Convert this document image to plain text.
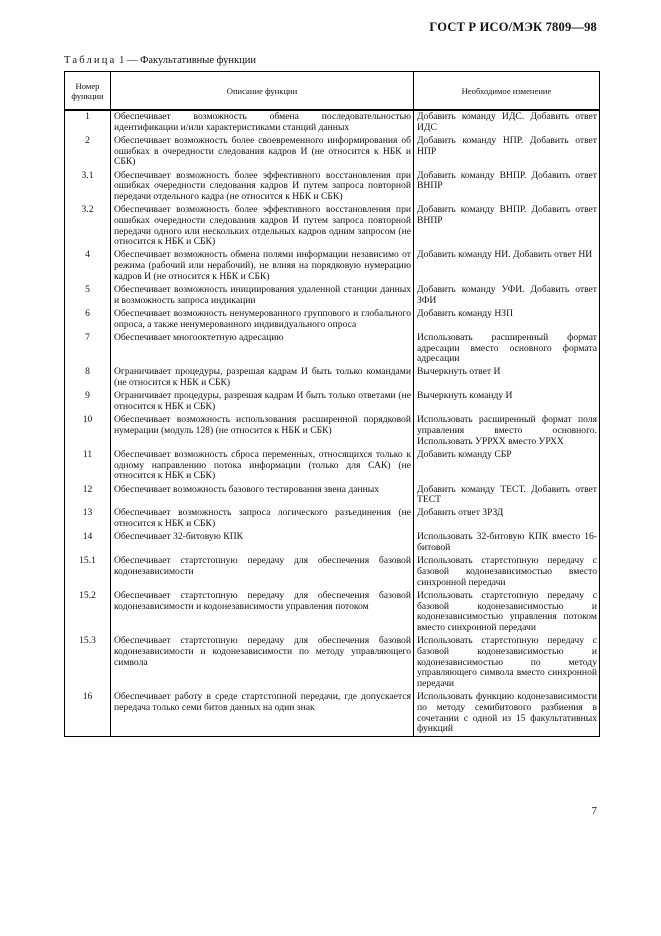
ГОСТ Р ИСО/МЭК 7809—98
Таблица 1 — Факультативные функции
Номер функции	Описание функции	Необходимое изменение
1	Обеспечивает возможность обмена последовательностью идентификации и/или характеристиками станций данных	Добавить команду ИДС. Добавить ответ ИДС
2	Обеспечивает возможность более своевременного информирования об ошибках в очередности следования кадров И (не относится к НБК и СБК)	Добавить команду НПР. Добавить ответ НПР
3.1	Обеспечивает возможность более эффективного восстановления при ошибках очередности следования кадров И путем запроса повторной передачи отдельного кадра (не относится к НБК и СБК)	Добавить команду ВНПР. Добавить ответ ВНПР
3.2	Обеспечивает возможность более эффективного восстановления при ошибках очередности следования кадров И путем запроса повторной передачи одного или нескольких отдельных кадров одним запросом (не относится к НБК и СБК)	Добавить команду ВНПР. Добавить ответ ВНПР
4	Обеспечивает возможность обмена полями информации независимо от режима (рабочий или нерабочий), не влияя на порядковую нумерацию кадров И (не относится к НБК и СБК)	Добавить команду НИ. Добавить ответ НИ
5	Обеспечивает возможность инициирования удаленной станции данных и возможность запроса индикации	Добавить команду УФИ. Добавить ответ ЗФИ
6	Обеспечивает возможность ненумерованного группового и глобального опроса, а также ненумерованного индивидуального опроса	Добавить команду НЗП
7	Обеспечивает многооктетную адресацию	Использовать расширенный формат адресации вместо основного формата адресации
8	Ограничивает процедуры, разрешая кадрам И быть только командами (не относится к НБК и СБК)	Вычеркнуть ответ И
9	Ограничивает процедуры, разрешая кадрам И быть только ответами (не относится к НБК и СБК)	Вычеркнуть команду И
10	Обеспечивает возможность использования расширенной порядковой нумерации (модуль 128) (не относится к НБК и СБК)	Использовать расширенный формат поля управления вместо основного. Использовать УРРХХ вместо УРХХ
11	Обеспечивает возможность сброса переменных, относящихся только к одному направлению потока информации (только для САК) (не относится к НБК и СБК)	Добавить команду СБР
12	Обеспечивает возможность базового тестирования звена данных	Добавить команду ТЕСТ. Добавить ответ ТЕСТ
13	Обеспечивает возможность запроса логического разъединения (не относится к НБК и СБК)	Добавить ответ ЗРЗД
14	Обеспечивает 32-битовую КПК	Использовать 32-битовую КПК вместо 16-битовой
15.1	Обеспечивает стартстопную передачу для обеспечения базовой кодонезависимости	Использовать стартстопную передачу с базовой кодонезависимостью вместо синхронной передачи
15.2	Обеспечивает стартстопную передачу для обеспечения базовой кодонезависимости и кодонезависимости управления потоком	Использовать стартстопную передачу с базовой кодонезависимостью и кодонезависимостью управления потоком вместо синхронной передачи
15.3	Обеспечивает стартстопную передачу для обеспечения базовой кодонезависимости и кодонезависимости по методу управляющего символа	Использовать стартстопную передачу с базовой кодонезависимостью и кодонезависимостью по методу управляющего символа вместо синхронной передачи
16	Обеспечивает работу в среде стартстопной передачи, где допускается передача только семи битов данных на один знак	Использовать функцию кодонезависимости по методу семибитового разбиения в сочетании с одной из 15 факультативных функций
7
